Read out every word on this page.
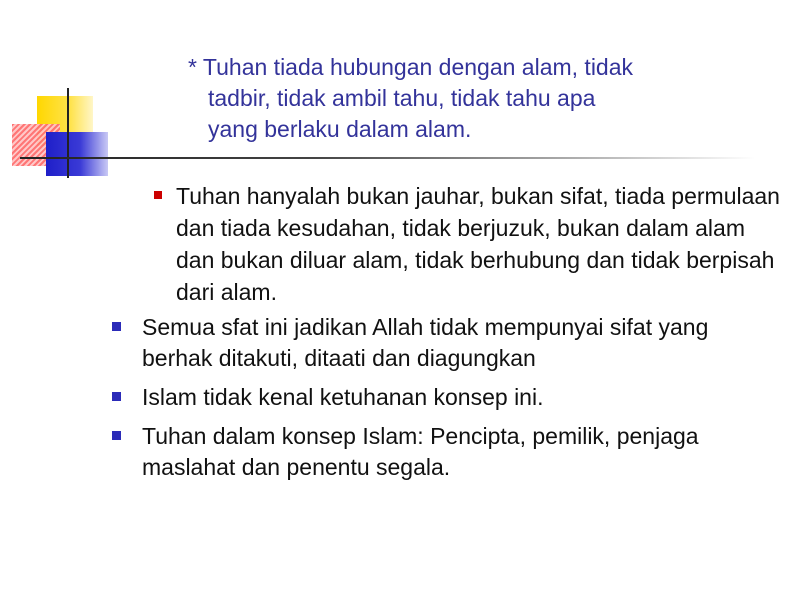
* Tuhan tiada hubungan dengan alam, tidak
tadbir, tidak ambil tahu, tidak tahu apa
yang berlaku dalam alam.
Tuhan hanyalah bukan jauhar, bukan sifat, tiada permulaan dan tiada kesudahan, tidak berjuzuk, bukan dalam alam dan bukan diluar alam, tidak berhubung dan tidak berpisah dari alam.
Semua sfat ini jadikan Allah tidak mempunyai sifat yang berhak ditakuti, ditaati dan diagungkan
Islam tidak kenal ketuhanan konsep ini.
Tuhan dalam konsep Islam: Pencipta, pemilik, penjaga maslahat dan penentu segala.
